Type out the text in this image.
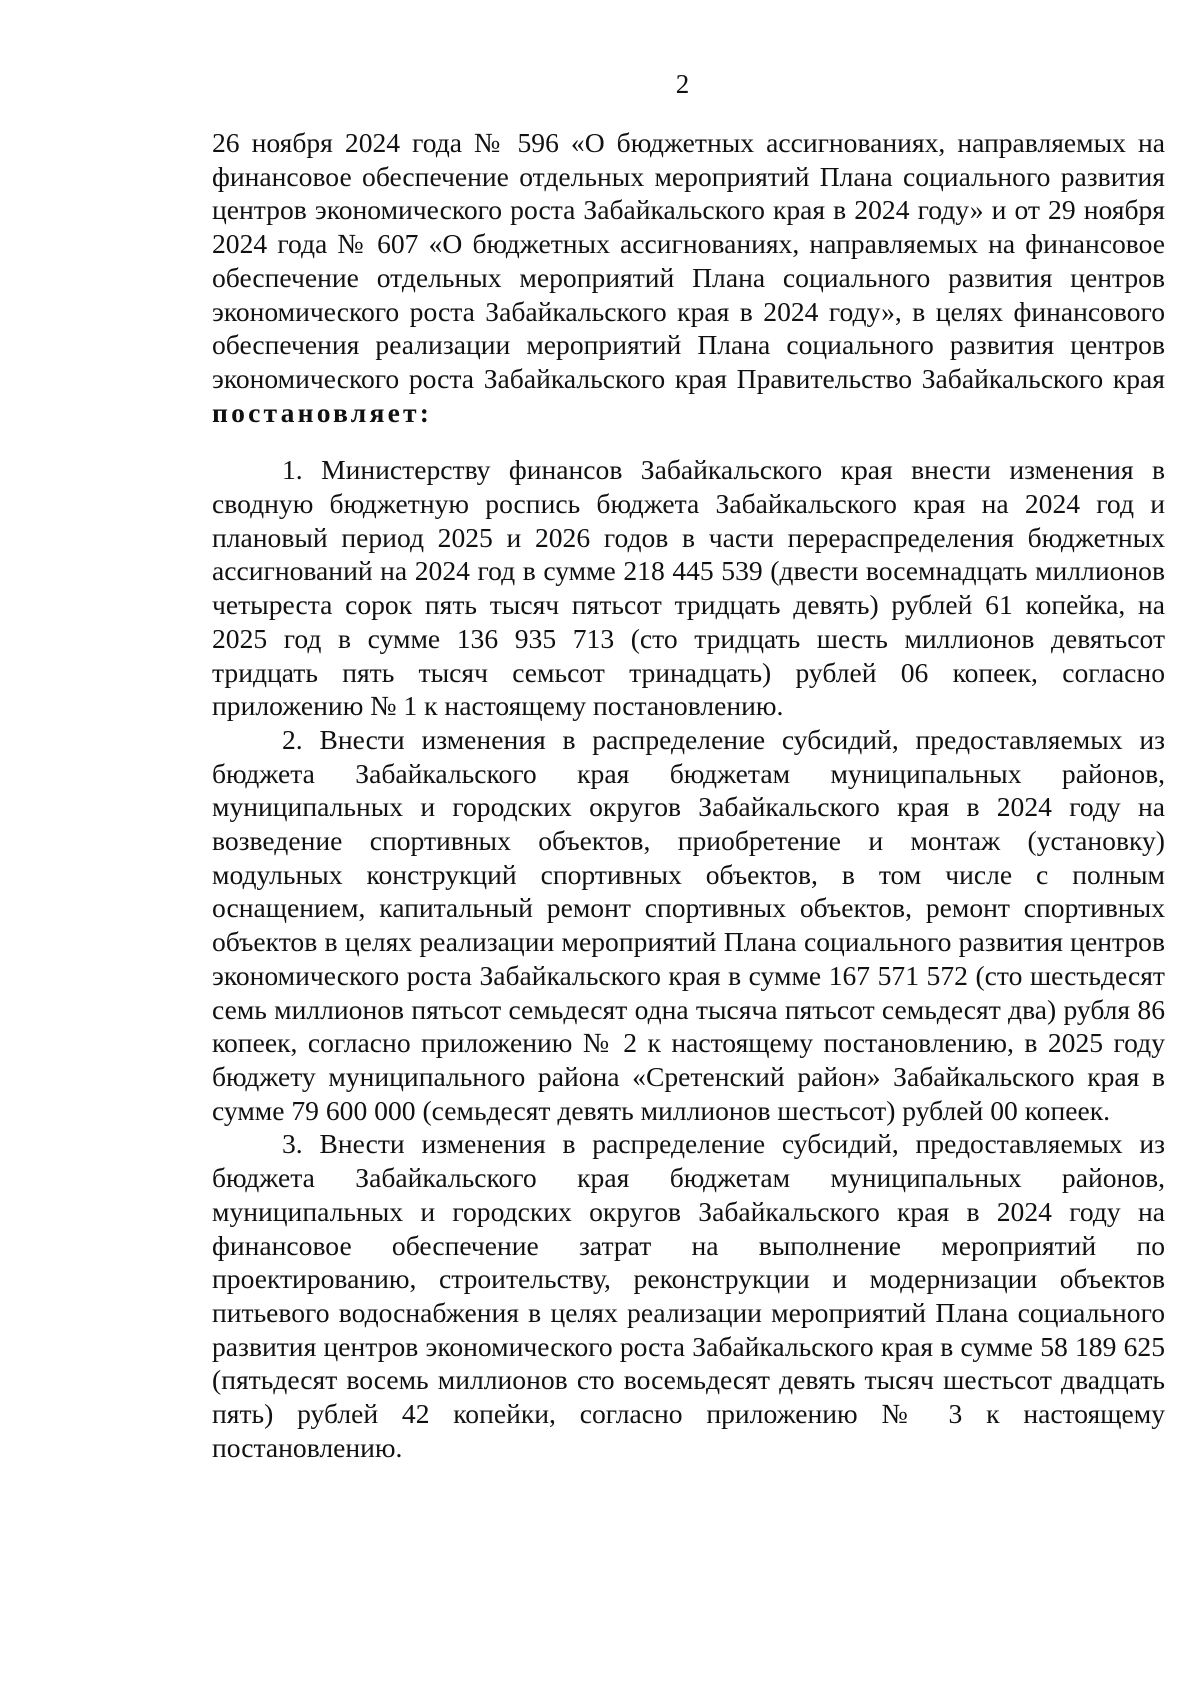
2

26 ноября 2024 года № 596 «О бюджетных ассигнованиях, направляемых на финансовое обеспечение отдельных мероприятий Плана социального развития центров экономического роста Забайкальского края в 2024 году» и от 29 ноября 2024 года № 607 «О бюджетных ассигнованиях, направляемых на финансовое обеспечение отдельных мероприятий Плана социального развития центров экономического роста Забайкальского края в 2024 году», в целях финансового обеспечения реализации мероприятий Плана социального развития центров экономического роста Забайкальского края Правительство Забайкальского края постановляет:

1. Министерству финансов Забайкальского края внести изменения в сводную бюджетную роспись бюджета Забайкальского края на 2024 год и плановый период 2025 и 2026 годов в части перераспределения бюджетных ассигнований на 2024 год в сумме 218 445 539 (двести восемнадцать миллионов четыреста сорок пять тысяч пятьсот тридцать девять) рублей 61 копейка, на 2025 год в сумме 136 935 713 (сто тридцать шесть миллионов девятьсот тридцать пять тысяч семьсот тринадцать) рублей 06 копеек, согласно приложению № 1 к настоящему постановлению.

2. Внести изменения в распределение субсидий, предоставляемых из бюджета Забайкальского края бюджетам муниципальных районов, муниципальных и городских округов Забайкальского края в 2024 году на возведение спортивных объектов, приобретение и монтаж (установку) модульных конструкций спортивных объектов, в том числе с полным оснащением, капитальный ремонт спортивных объектов, ремонт спортивных объектов в целях реализации мероприятий Плана социального развития центров экономического роста Забайкальского края в сумме 167 571 572 (сто шестьдесят семь миллионов пятьсот семьдесят одна тысяча пятьсот семьдесят два) рубля 86 копеек, согласно приложению № 2 к настоящему постановлению, в 2025 году бюджету муниципального района «Сретенский район» Забайкальского края в сумме 79 600 000 (семьдесят девять миллионов шестьсот) рублей 00 копеек.

3. Внести изменения в распределение субсидий, предоставляемых из бюджета Забайкальского края бюджетам муниципальных районов, муниципальных и городских округов Забайкальского края в 2024 году на финансовое обеспечение затрат на выполнение мероприятий по проектированию, строительству, реконструкции и модернизации объектов питьевого водоснабжения в целях реализации мероприятий Плана социального развития центров экономического роста Забайкальского края в сумме 58 189 625 (пятьдесят восемь миллионов сто восемьдесят девять тысяч шестьсот двадцать пять) рублей 42 копейки, согласно приложению № 3 к настоящему постановлению.
